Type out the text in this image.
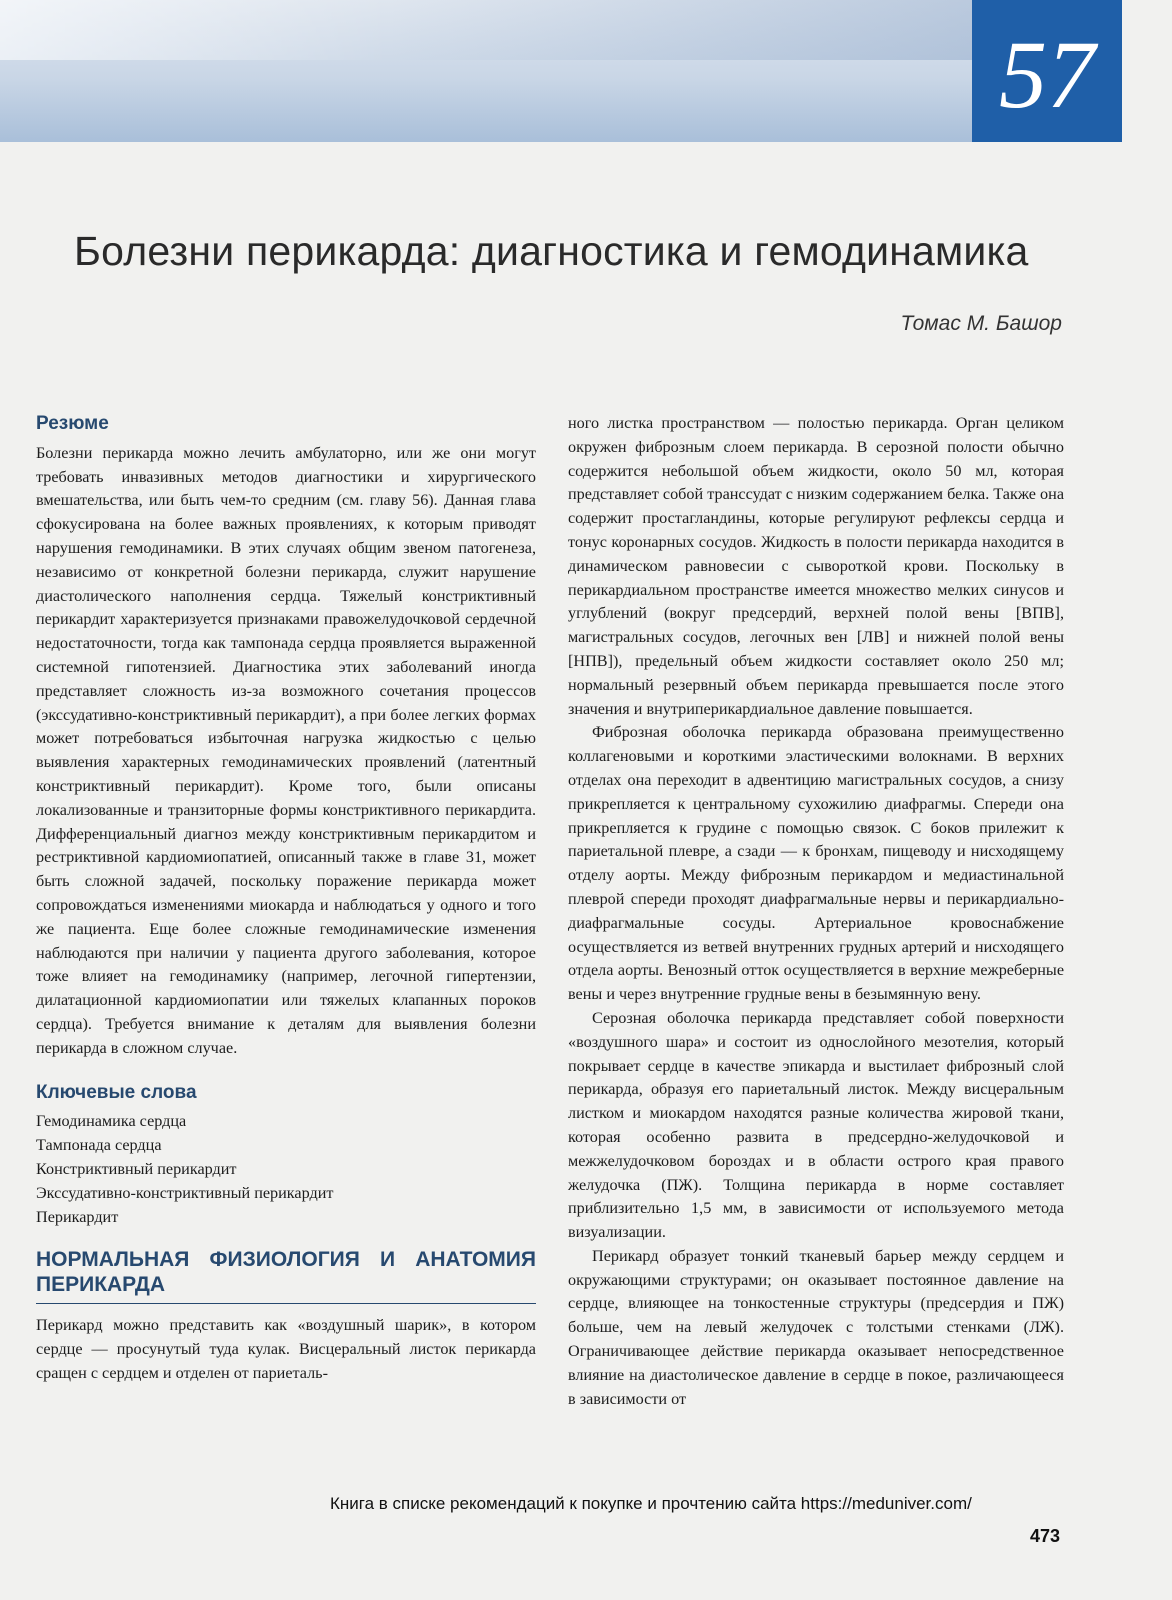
57
Болезни перикарда: диагностика и гемодинамика

Томас М. Башор

Резюме

Болезни перикарда можно лечить амбулаторно, или же они могут требовать инвазивных методов диагностики и хирургического вмешательства, или быть чем-то средним (см. главу 56). Данная глава сфокусирована на более важных проявлениях, к которым приводят нарушения гемодинамики. В этих случаях общим звеном патогенеза, независимо от конкретной болезни перикарда, служит нарушение диастолического наполнения сердца. Тяжелый констриктивный перикардит характеризуется признаками правожелудочковой сердечной недостаточности, тогда как тампонада сердца проявляется выраженной системной гипотензией. Диагностика этих заболеваний иногда представляет сложность из-за возможного сочетания процессов (экссудативно-констриктивный перикардит), а при более легких формах может потребоваться избыточная нагрузка жидкостью с целью выявления характерных гемодинамических проявлений (латентный констриктивный перикардит). Кроме того, были описаны локализованные и транзиторные формы констриктивного перикардита. Дифференциальный диагноз между констриктивным перикардитом и рестриктивной кардиомиопатией, описанный также в главе 31, может быть сложной задачей, поскольку поражение перикарда может сопровождаться изменениями миокарда и наблюдаться у одного и того же пациента. Еще более сложные гемодинамические изменения наблюдаются при наличии у пациента другого заболевания, которое тоже влияет на гемодинамику (например, легочной гипертензии, дилатационной кардиомиопатии или тяжелых клапанных пороков сердца). Требуется внимание к деталям для выявления болезни перикарда в сложном случае.

Ключевые слова
Гемодинамика сердца
Тампонада сердца
Констриктивный перикардит
Экссудативно-констриктивный перикардит
Перикардит
НОРМАЛЬНАЯ ФИЗИОЛОГИЯ И АНАТОМИЯ ПЕРИКАРДА

Перикард можно представить как «воздушный шарик», в котором сердце — просунутый туда кулак. Висцеральный листок перикарда сращен с сердцем и отделен от париеталь-

ного листка пространством — полостью перикарда. Орган целиком окружен фиброзным слоем перикарда. В серозной полости обычно содержится небольшой объем жидкости, около 50 мл, которая представляет собой транссудат с низким содержанием белка. Также она содержит простагландины, которые регулируют рефлексы сердца и тонус коронарных сосудов. Жидкость в полости перикарда находится в динамическом равновесии с сывороткой крови. Поскольку в перикардиальном пространстве имеется множество мелких синусов и углублений (вокруг предсердий, верхней полой вены [ВПВ], магистральных сосудов, легочных вен [ЛВ] и нижней полой вены [НПВ]), предельный объем жидкости составляет около 250 мл; нормальный резервный объем перикарда превышается после этого значения и внутриперикардиальное давление повышается.

Фиброзная оболочка перикарда образована преимущественно коллагеновыми и короткими эластическими волокнами. В верхних отделах она переходит в адвентицию магистральных сосудов, а снизу прикрепляется к центральному сухожилию диафрагмы. Спереди она прикрепляется к грудине с помощью связок. С боков прилежит к париетальной плевре, а сзади — к бронхам, пищеводу и нисходящему отделу аорты. Между фиброзным перикардом и медиастинальной плеврой спереди проходят диафрагмальные нервы и перикардиально-диафрагмальные сосуды. Артериальное кровоснабжение осуществляется из ветвей внутренних грудных артерий и нисходящего отдела аорты. Венозный отток осуществляется в верхние межреберные вены и через внутренние грудные вены в безымянную вену.

Серозная оболочка перикарда представляет собой поверхности «воздушного шара» и состоит из однослойного мезотелия, который покрывает сердце в качестве эпикарда и выстилает фиброзный слой перикарда, образуя его париетальный листок. Между висцеральным листком и миокардом находятся разные количества жировой ткани, которая особенно развита в предсердно-желудочковой и межжелудочковом бороздах и в области острого края правого желудочка (ПЖ). Толщина перикарда в норме составляет приблизительно 1,5 мм, в зависимости от используемого метода визуализации.

Перикард образует тонкий тканевый барьер между сердцем и окружающими структурами; он оказывает постоянное давление на сердце, влияющее на тонкостенные структуры (предсердия и ПЖ) больше, чем на левый желудочек с толстыми стенками (ЛЖ). Ограничивающее действие перикарда оказывает непосредственное влияние на диастолическое давление в сердце в покое, различающееся в зависимости от

Книга в списке рекомендаций к покупке и прочтению сайта https://meduniver.com/

473
